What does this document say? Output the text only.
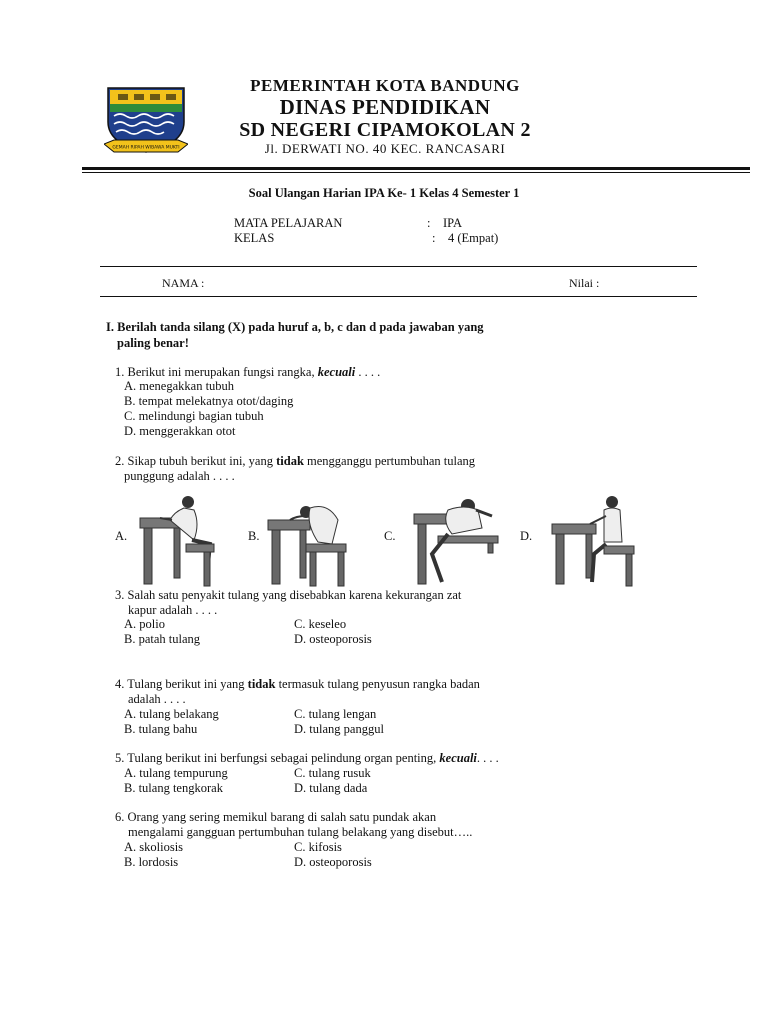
GEMAH RIPAH WIBAWA MUKTI
PEMERINTAH KOTA BANDUNG
DINAS PENDIDIKAN
SD NEGERI CIPAMOKOLAN 2
Jl. DERWATI NO. 40 KEC. RANCASARI
Soal Ulangan Harian IPA Ke- 1 Kelas 4 Semester 1
MATA PELAJARAN	: IPA
KELAS	: 4 (Empat)
NAMA :	Nilai :
I. Berilah tanda silang (X) pada huruf a, b, c dan d pada jawaban yang
paling benar!
1. Berikut ini merupakan fungsi rangka, kecuali . . . .
A. menegakkan tubuh
B. tempat melekatnya otot/daging
C. melindungi bagian tubuh
D. menggerakkan otot
2. Sikap tubuh berikut ini, yang tidak mengganggu pertumbuhan tulang
punggung adalah . . . .
A.	B.	C.	D.
3. Salah satu penyakit tulang yang disebabkan karena kekurangan zat
kapur adalah . . . .
A. polio	C. keseleo
B. patah tulang	D. osteoporosis
4. Tulang berikut ini yang tidak termasuk tulang penyusun rangka badan
adalah . . . .
A. tulang belakang	C. tulang lengan
B. tulang bahu	D. tulang panggul
5. Tulang berikut ini berfungsi sebagai pelindung organ penting, kecuali. . . .
A. tulang tempurung	C. tulang rusuk
B. tulang tengkorak	D. tulang dada
6. Orang yang sering memikul barang di salah satu pundak akan
mengalami gangguan pertumbuhan tulang belakang yang disebut…..
A. skoliosis	C. kifosis
B. lordosis	D. osteoporosis
